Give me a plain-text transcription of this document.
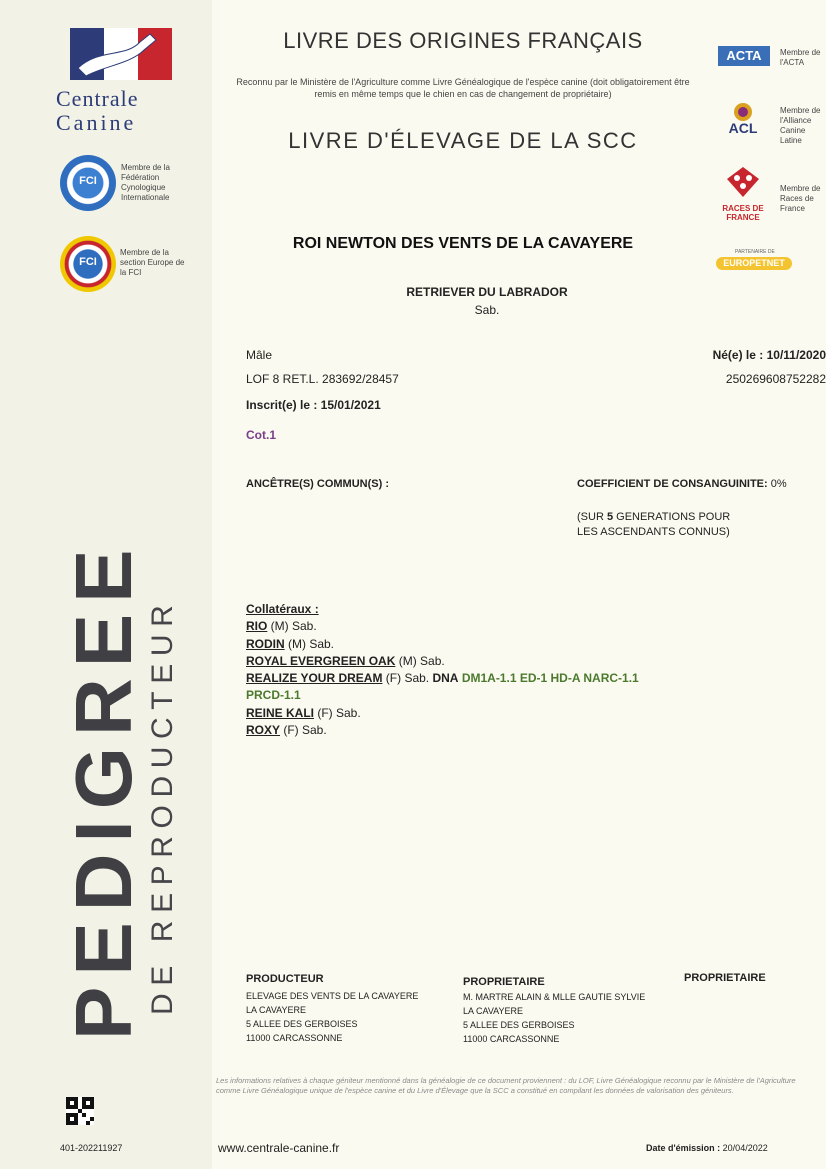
Centrale
Canine
FCI
Membre de la Fédération Cynologique Internationale
FCI
Membre de la section Europe de la FCI
PEDIGREE
DE REPRODUCTEUR
LIVRE DES ORIGINES FRANÇAIS
Reconnu par le Ministère de l'Agriculture comme Livre Généalogique de l'espèce canine (doit obligatoirement être remis en même temps que le chien en cas de changement de propriétaire)
LIVRE D'ÉLEVAGE DE LA SCC
ACTA	Membre de l'ACTA
ACL
Membre de l'Alliance Canine Latine
RACES DE FRANCE
Membre de Races de France
PARTENAIRE DE
EUROPETNET
ROI NEWTON DES VENTS DE LA CAVAYERE
RETRIEVER DU LABRADOR
Sab.
Mâle
LOF 8 RET.L. 283692/28457
Inscrit(e) le : 15/01/2021
Cot.1
Né(e) le : 10/11/2020
250269608752282
ANCÊTRE(S) COMMUN(S) :	COEFFICIENT DE CONSANGUINITE: 0%
(SUR 5 GENERATIONS POUR
LES ASCENDANTS CONNUS)
Collatéraux :
RIO (M) Sab.
RODIN (M) Sab.
ROYAL EVERGREEN OAK (M) Sab.
REALIZE YOUR DREAM (F) Sab. DNA DM1A-1.1 ED-1 HD-A NARC-1.1
PRCD-1.1
REINE KALI (F) Sab.
ROXY (F) Sab.
PRODUCTEUR
ELEVAGE DES VENTS DE LA CAVAYERE
LA CAVAYERE
5 ALLEE DES GERBOISES
11000 CARCASSONNE
PROPRIETAIRE
M. MARTRE ALAIN & MLLE GAUTIE SYLVIE
LA CAVAYERE
5 ALLEE DES GERBOISES
11000 CARCASSONNE
PROPRIETAIRE
Les informations relatives à chaque géniteur mentionné dans la généalogie de ce document proviennent : du LOF, Livre Généalogique reconnu par le Ministère de l'Agriculture comme Livre Généalogique unique de l'espèce canine et du Livre d'Élevage que la SCC a constitué en compilant les données de valorisation des géniteurs.
401-202211927	www.centrale-canine.fr	Date d'émission : 20/04/2022
